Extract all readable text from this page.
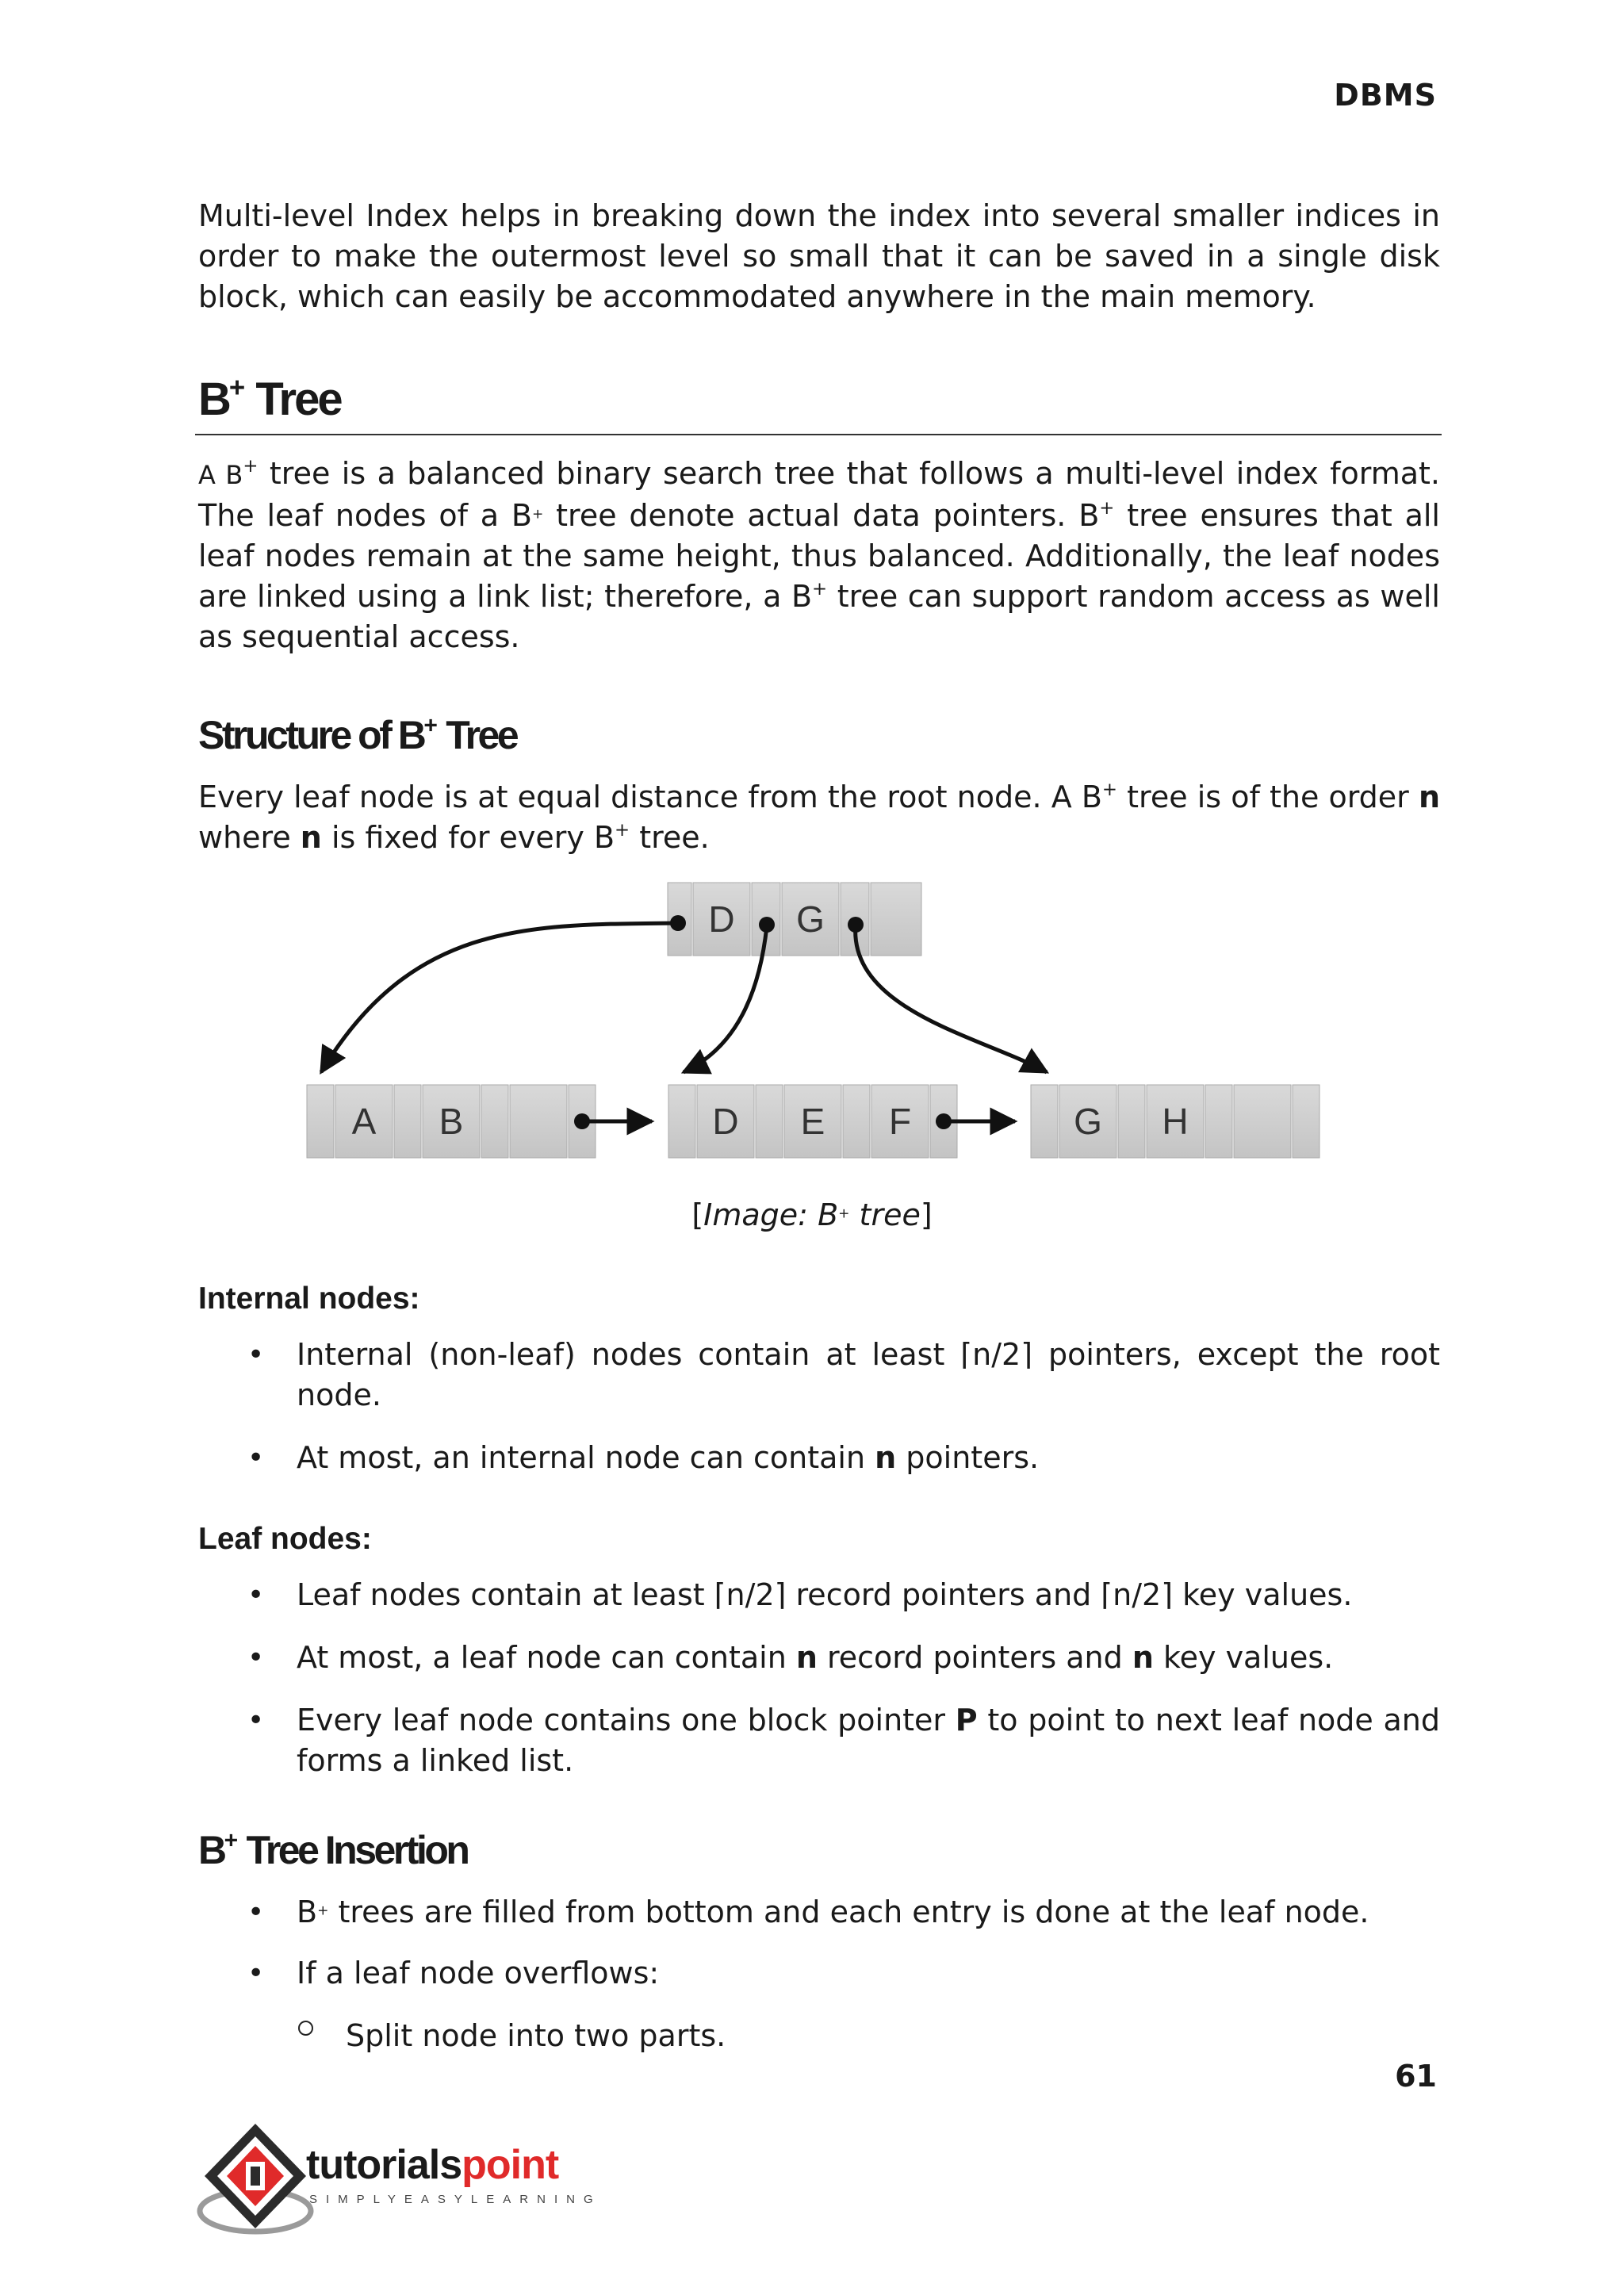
DBMS

Multi-level Index helps in breaking down the index into several smaller indices in order to make the outermost level so small that it can be saved in a single disk block, which can easily be accommodated anywhere in the main memory.

B+ Tree

A B+ tree is a balanced binary search tree that follows a multi-level index format. The leaf nodes of a B+ tree denote actual data pointers. B+ tree ensures that all leaf nodes remain at the same height, thus balanced. Additionally, the leaf nodes are linked using a link list; therefore, a B+ tree can support random access as well as sequential access.

Structure of B+ Tree

Every leaf node is at equal distance from the root node. A B+ tree is of the order n where n is fixed for every B+ tree.

D G
A B	D E F	G H
[Image: B+ tree]
Internal nodes:
• Internal (non-leaf) nodes contain at least ⌈n/2⌉ pointers, except the root node.
• At most, an internal node can contain n pointers.
Leaf nodes:
• Leaf nodes contain at least ⌈n/2⌉ record pointers and ⌈n/2⌉ key values.
• At most, a leaf node can contain n record pointers and n key values.
• Every leaf node contains one block pointer P to point to next leaf node and forms a linked list.
B+ Tree Insertion
• B+ trees are filled from bottom and each entry is done at the leaf node.
• If a leaf node overflows:
Split node into two parts.
61
tutorialspoint
SIMPLYEASYLEARNING
